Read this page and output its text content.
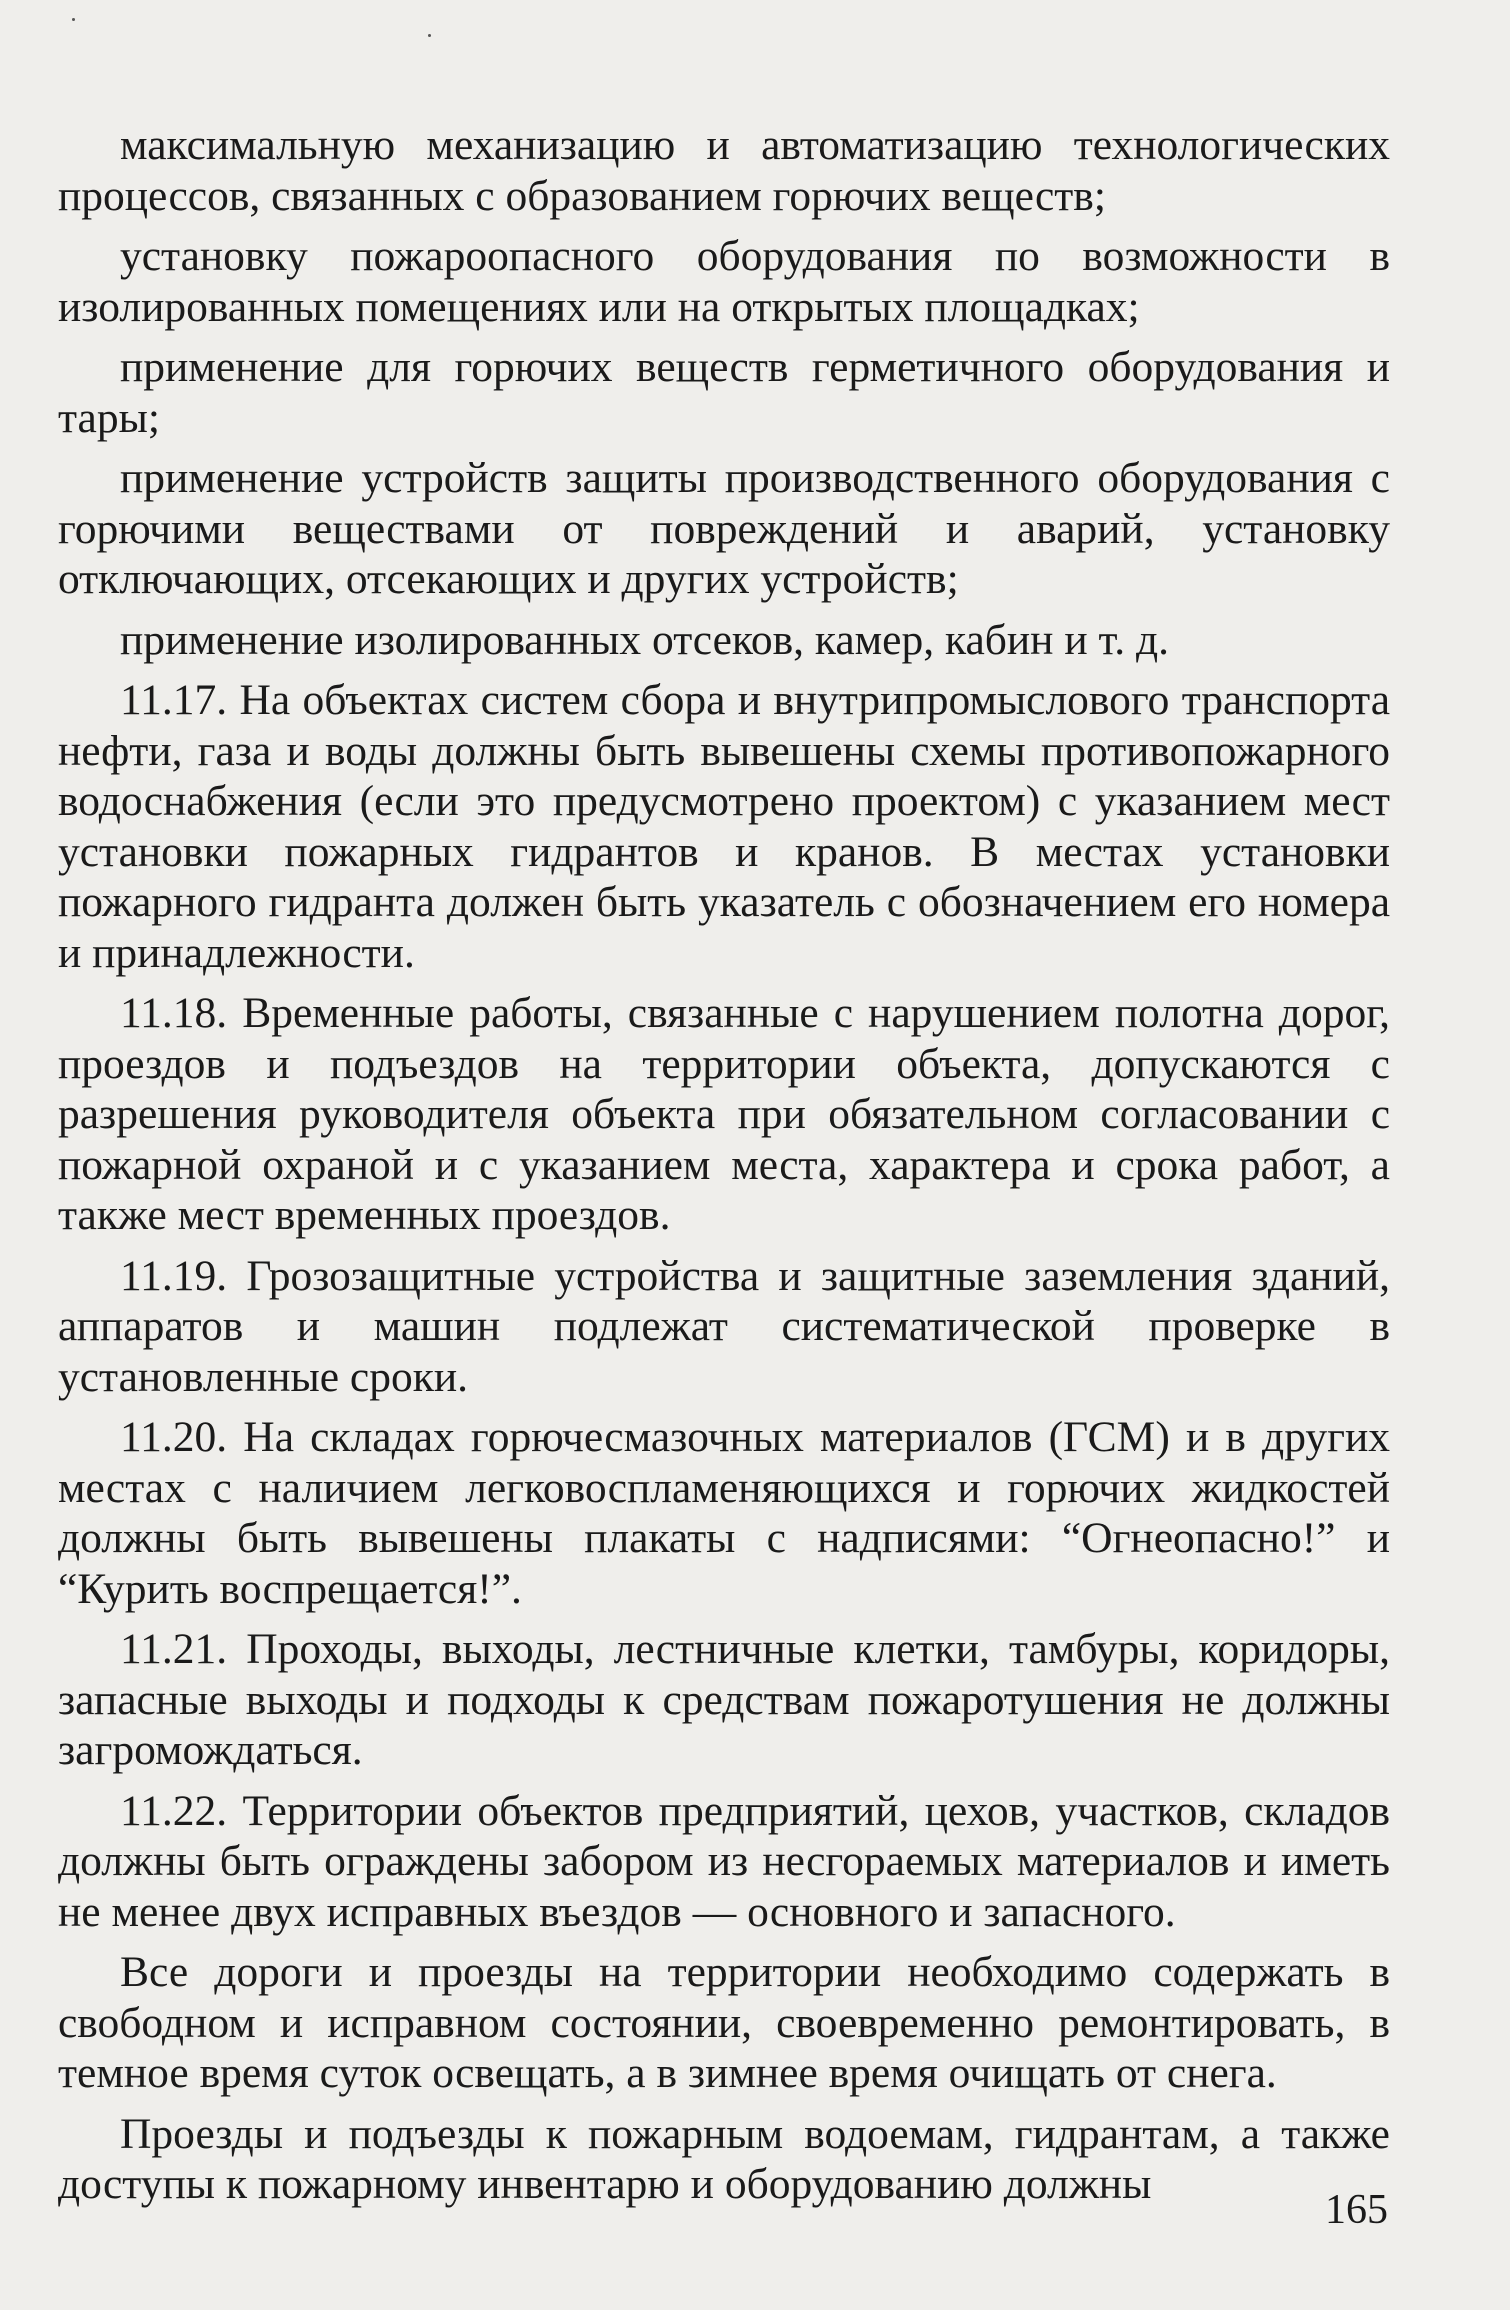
максимальную механизацию и автоматизацию технологических процессов, связанных с образованием горючих веществ;

установку пожароопасного оборудования по возможности в изолированных помещениях или на открытых площадках;

применение для горючих веществ герметичного оборудования и тары;

применение устройств защиты производственного оборудования с горючими веществами от повреждений и аварий, установку отключающих, отсекающих и других устройств;

применение изолированных отсеков, камер, кабин и т. д.

11.17. На объектах систем сбора и внутрипромыслового транспорта нефти, газа и воды должны быть вывешены схемы противопожарного водоснабжения (если это предусмотрено проектом) с указанием мест установки пожарных гидрантов и кранов. В местах установки пожарного гидранта должен быть указатель с обозначением его номера и принадлежности.

11.18. Временные работы, связанные с нарушением полотна дорог, проездов и подъездов на территории объекта, допускаются с разрешения руководителя объекта при обязательном согласовании с пожарной охраной и с указанием места, характера и срока работ, а также мест временных проездов.

11.19. Грозозащитные устройства и защитные заземления зданий, аппаратов и машин подлежат систематической проверке в установленные сроки.

11.20. На складах горючесмазочных материалов (ГСМ) и в других местах с наличием легковоспламеняющихся и горючих жидкостей должны быть вывешены плакаты с надписями: “Огнеопасно!” и “Курить воспрещается!”.

11.21. Проходы, выходы, лестничные клетки, тамбуры, коридоры, запасные выходы и подходы к средствам пожаротушения не должны загромождаться.

11.22. Территории объектов предприятий, цехов, участков, складов должны быть ограждены забором из несгораемых материалов и иметь не менее двух исправных въездов — основного и запасного.

Все дороги и проезды на территории необходимо содержать в свободном и исправном состоянии, своевременно ремонтировать, в темное время суток освещать, а в зимнее время очищать от снега.

Проезды и подъезды к пожарным водоемам, гидрантам, а также доступы к пожарному инвентарю и оборудованию должны

165
